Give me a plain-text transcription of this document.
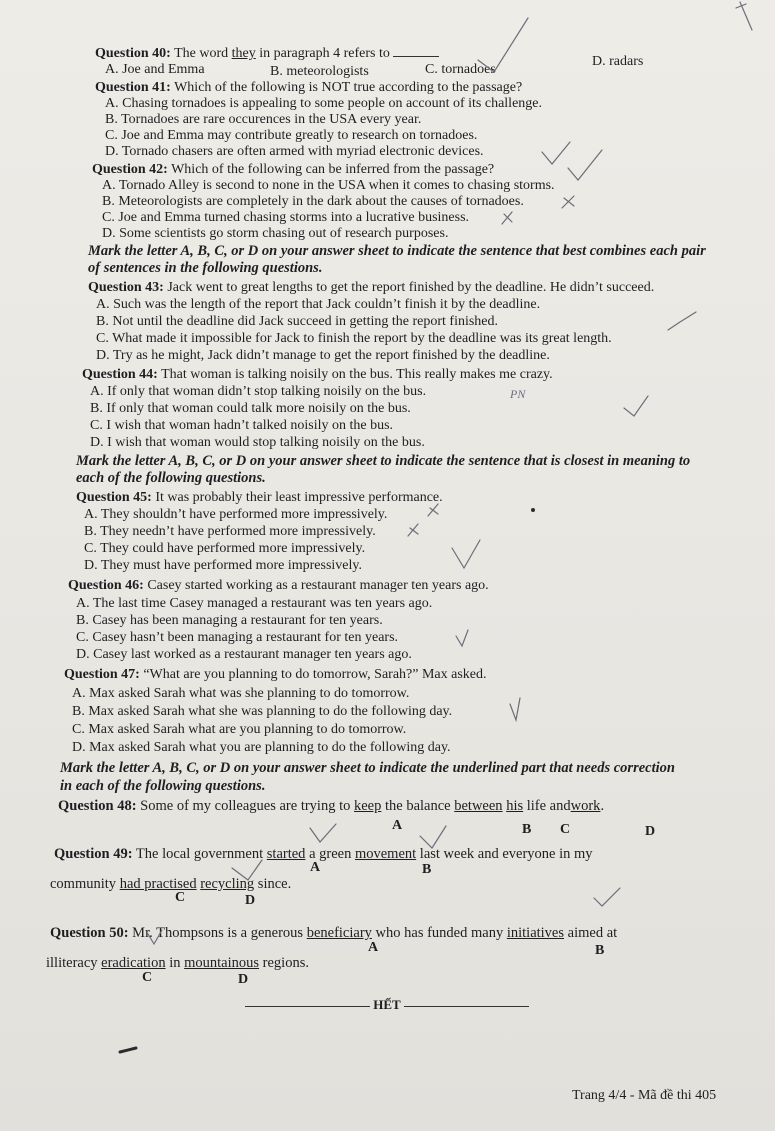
Question 40: The word they in paragraph 4 refers to
A. Joe and Emma	B. meteorologists	C. tornadoes
D. radars
Question 41: Which of the following is NOT true according to the passage?
A. Chasing tornadoes is appealing to some people on account of its challenge.
B. Tornadoes are rare occurences in the USA every year.
C. Joe and Emma may contribute greatly to research on tornadoes.
D. Tornado chasers are often armed with myriad electronic devices.
Question 42: Which of the following can be inferred from the passage?
A. Tornado Alley is second to none in the USA when it comes to chasing storms.
B. Meteorologists are completely in the dark about the causes of tornadoes.
C. Joe and Emma turned chasing storms into a lucrative business.
D. Some scientists go storm chasing out of research purposes.
Mark the letter A, B, C, or D on your answer sheet to indicate the sentence that best combines each pair
of sentences in the following questions.
Question 43: Jack went to great lengths to get the report finished by the deadline. He didn’t succeed.
A. Such was the length of the report that Jack couldn’t finish it by the deadline.
B. Not until the deadline did Jack succeed in getting the report finished.
C. What made it impossible for Jack to finish the report by the deadline was its great length.
D. Try as he might, Jack didn’t manage to get the report finished by the deadline.
Question 44: That woman is talking noisily on the bus. This really makes me crazy.
A. If only that woman didn’t stop talking noisily on the bus.
B. If only that woman could talk more noisily on the bus.
C. I wish that woman hadn’t talked noisily on the bus.
D. I wish that woman would stop talking noisily on the bus.
Mark the letter A, B, C, or D on your answer sheet to indicate the sentence that is closest in meaning to
each of the following questions.
Question 45: It was probably their least impressive performance.
A. They shouldn’t have performed more impressively.
B. They needn’t have performed more impressively.
C. They could have performed more impressively.
D. They must have performed more impressively.
Question 46: Casey started working as a restaurant manager ten years ago.
A. The last time Casey managed a restaurant was ten years ago.
B. Casey has been managing a restaurant for ten years.
C. Casey hasn’t been managing a restaurant for ten years.
D. Casey last worked as a restaurant manager ten years ago.
Question 47: “What are you planning to do tomorrow, Sarah?” Max asked.
A. Max asked Sarah what was she planning to do tomorrow.
B. Max asked Sarah what she was planning to do the following day.
C. Max asked Sarah what are you planning to do tomorrow.
D. Max asked Sarah what you are planning to do the following day.
Mark the letter A, B, C, or D on your answer sheet to indicate the underlined part that needs correction
in each of the following questions.
Question 48: Some of my colleagues are trying to keep the balance between his life andwork.
A	B C	D
Question 49: The local government started a green movement last week and everyone in my
A	B
community had practised recycling since.
C	D
Question 50: Mr. Thompsons is a generous beneficiary who has funded many initiatives aimed at
A	B
illiteracy eradication in mountainous regions.
C	D
HẾT
Trang 4/4 - Mã đề thi 405
PN
